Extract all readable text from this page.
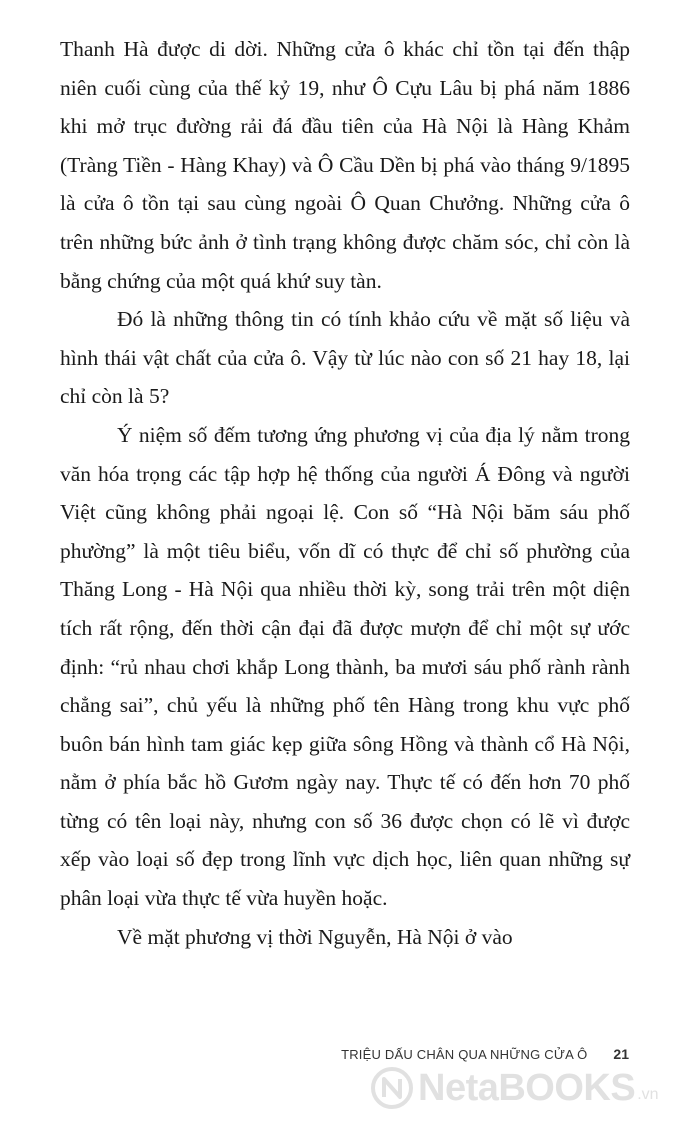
Thanh Hà được di dời. Những cửa ô khác chỉ tồn tại đến thập niên cuối cùng của thế kỷ 19, như Ô Cựu Lâu bị phá năm 1886 khi mở trục đường rải đá đầu tiên của Hà Nội là Hàng Khảm (Tràng Tiền - Hàng Khay) và Ô Cầu Dền bị phá vào tháng 9/1895 là cửa ô tồn tại sau cùng ngoài Ô Quan Chưởng. Những cửa ô trên những bức ảnh ở tình trạng không được chăm sóc, chỉ còn là bằng chứng của một quá khứ suy tàn.

Đó là những thông tin có tính khảo cứu về mặt số liệu và hình thái vật chất của cửa ô. Vậy từ lúc nào con số 21 hay 18, lại chỉ còn là 5?

Ý niệm số đếm tương ứng phương vị của địa lý nằm trong văn hóa trọng các tập hợp hệ thống của người Á Đông và người Việt cũng không phải ngoại lệ. Con số “Hà Nội băm sáu phố phường” là một tiêu biểu, vốn dĩ có thực để chỉ số phường của Thăng Long - Hà Nội qua nhiều thời kỳ, song trải trên một diện tích rất rộng, đến thời cận đại đã được mượn để chỉ một sự ước định: “rủ nhau chơi khắp Long thành, ba mươi sáu phố rành rành chẳng sai”, chủ yếu là những phố tên Hàng trong khu vực phố buôn bán hình tam giác kẹp giữa sông Hồng và thành cổ Hà Nội, nằm ở phía bắc hồ Gươm ngày nay. Thực tế có đến hơn 70 phố từng có tên loại này, nhưng con số 36 được chọn có lẽ vì được xếp vào loại số đẹp trong lĩnh vực dịch học, liên quan những sự phân loại vừa thực tế vừa huyền hoặc.

Về mặt phương vị thời Nguyễn, Hà Nội ở vào

TRIỆU DẤU CHÂN QUA NHỮNG CỬA Ô 21
NetaBOOKS .vn
